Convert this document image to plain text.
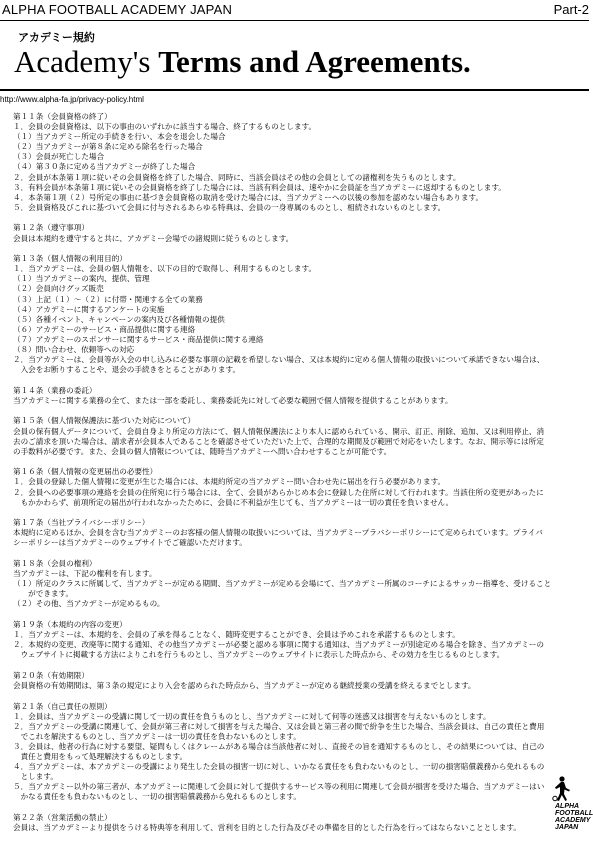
ALPHA FOOTBALL ACADEMY JAPAN	Part-2
アカデミー規約
Academy's Terms and Agreements.
http://www.alpha-fa.jp/privacy-policy.html
第１１条（会員資格の終了）
１．会員の会員資格は、以下の事由のいずれかに該当する場合、終了するものとします。
（１）当アカデミー所定の手続きを行い、本会を退会した場合
（２）当アカデミーが第８条に定める除名を行った場合
（３）会員が死亡した場合
（４）第３０条に定める当アカデミーが終了した場合
２．会員が本条第１項に従いその会員資格を終了した場合、同時に、当該会員はその他の会員としての諸権利を失うものとします。
３．有料会員が本条第１項に従いその会員資格を終了した場合には、当該有料会員は、速やかに会員証を当アカデミーに返却するものとします。
４．本条第１項（２）号所定の事由に基づき会員資格の取消を受けた場合には、当アカデミーへの以後の参加を認めない場合もあります。
５．会員資格及びこれに基づいて会員に付与されるあらゆる特典は、会員の一身専属のものとし、相続されないものとします。
第１２条（遵守事項）
会員は本規約を遵守すると共に、アカデミー会場での諸規則に従うものとします。
第１３条（個人情報の利用目的）
１．当アカデミーは、会員の個人情報を、以下の目的で取得し、利用するものとします。
（１）当アカデミーの案内、提供、管理
（２）会員向けグッズ販売
（３）上記（１）～（２）に付帯・関連する全ての業務
（４）アカデミーに関するアンケートの実施
（５）各種イベント、キャンペーンの案内及び各種情報の提供
（６）アカデミーのサービス・商品提供に関する連絡
（７）アカデミーのスポンサーに関するサービス・商品提供に関する連絡
（８）問い合わせ、依頼等への対応
２．当アカデミーは、会員等が入会の申し込みに必要な事項の記載を希望しない場合、又は本規約に定める個人情報の取扱いについて承諾できない場合は、
　入会をお断りすることや、退会の手続きをとることがあります。
第１４条（業務の委託）
当アカデミーに関する業務の全て、または一部を委託し、業務委託先に対して必要な範囲で個人情報を提供することがあります。
第１５条（個人情報保護法に基づいた対応について）
会員の保有個人データについて、会員自身より所定の方法にて、個人情報保護法により本人に認められている、開示、訂正、削除、追加、又は利用停止、消
去のご請求を頂いた場合は、請求者が会員本人であることを確認させていただいた上で、合理的な期間及び範囲で対応をいたします。なお、開示等には所定
の手数料が必要です。また、会員の個人情報については、随時当アカデミーへ問い合わせすることが可能です。
第１６条（個人情報の変更届出の必要性）
１．会員の登録した個人情報に変更が生じた場合には、本規約所定の当アカデミー問い合わせ先に届出を行う必要があります。
２．会員への必要事項の連絡を会員の住所宛に行う場合には、全て、会員があらかじめ本会に登録した住所に対して行われます。当該住所の変更があったに
　もかかわらず、前項所定の届出が行われなかったために、会員に不利益が生じても、当アカデミーは一切の責任を負いません。
第１７条（当社プライバシーポリシー）
本規約に定めるほか、会員を含む当アカデミーのお客様の個人情報の取扱いについては、当アカデミープラバシーポリシーにて定められています。プライバ
シーポリシーは当アカデミーのウェブサイトでご確認いただけます。
第１８条（会員の権利）
当アカデミーは、下記の権利を有します。
（１）所定のクラスに所属して、当アカデミーが定める期間、当アカデミーが定める会場にて、当アカデミー所属のコーチによるサッカー指導を、受けること
　　ができます。
（２）その他、当アカデミーが定めるもの。
第１９条（本規約の内容の変更）
１．当アカデミーは、本規約を、会員の了承を得ることなく、随時変更することができ、会員は予めこれを承諾するものとします。
２．本規約の変更、改廃等に関する通知、その他当アカデミーが必要と認める事項に関する通知は、当アカデミーが別途定める場合を除き、当アカデミーの
　ウェブサイトに掲載する方法によりこれを行うものとし、当アカデミーのウェブサイトに表示した時点から、その効力を生じるものとします。
第２０条（有効期限）
会員資格の有効期間は、第３条の規定により入会を認められた時点から、当アカデミーが定める継続授業の受講を終えるまでとします。
第２１条（自己責任の原則）
１．会員は、当アカデミーの受講に関して一切の責任を負うものとし、当アカデミーに対して何等の迷惑又は損害を与えないものとします。
２．当アカデミーの受講に関連して、会員が第三者に対して損害を与えた場合、又は会員と第三者の間で紛争を生じた場合、当該会員は、自己の責任と費用
　でこれを解決するものとし、当アカデミーは一切の責任を負わないものとします。
３．会員は、他者の行為に対する要望、疑問もしくはクレームがある場合は当該他者に対し、直接その旨を通知するものとし、その結果については、自己の
　責任と費用をもって処理解決するものとします。
４．当アカデミーは、本アカデミーの受講により発生した会員の損害一切に対し、いかなる責任をも負わないものとし、一切の損害賠償義務から免れるもの
　とします。
５．当アカデミー以外の第三者が、本アカデミーに関連して会員に対して提供するサービス等の利用に関連して会員が損害を受けた場合、当アカデミーはい
　かなる責任をも負わないものとし、一切の損害賠償義務から免れるものとします。
第２２条（営業活動の禁止）
会員は、当アカデミーより提供をうける特典等を利用して、営利を目的とした行為及びその準備を目的とした行為を行ってはならないこととします。
ALPHA
FOOTBALL
ACADEMY
JAPAN
